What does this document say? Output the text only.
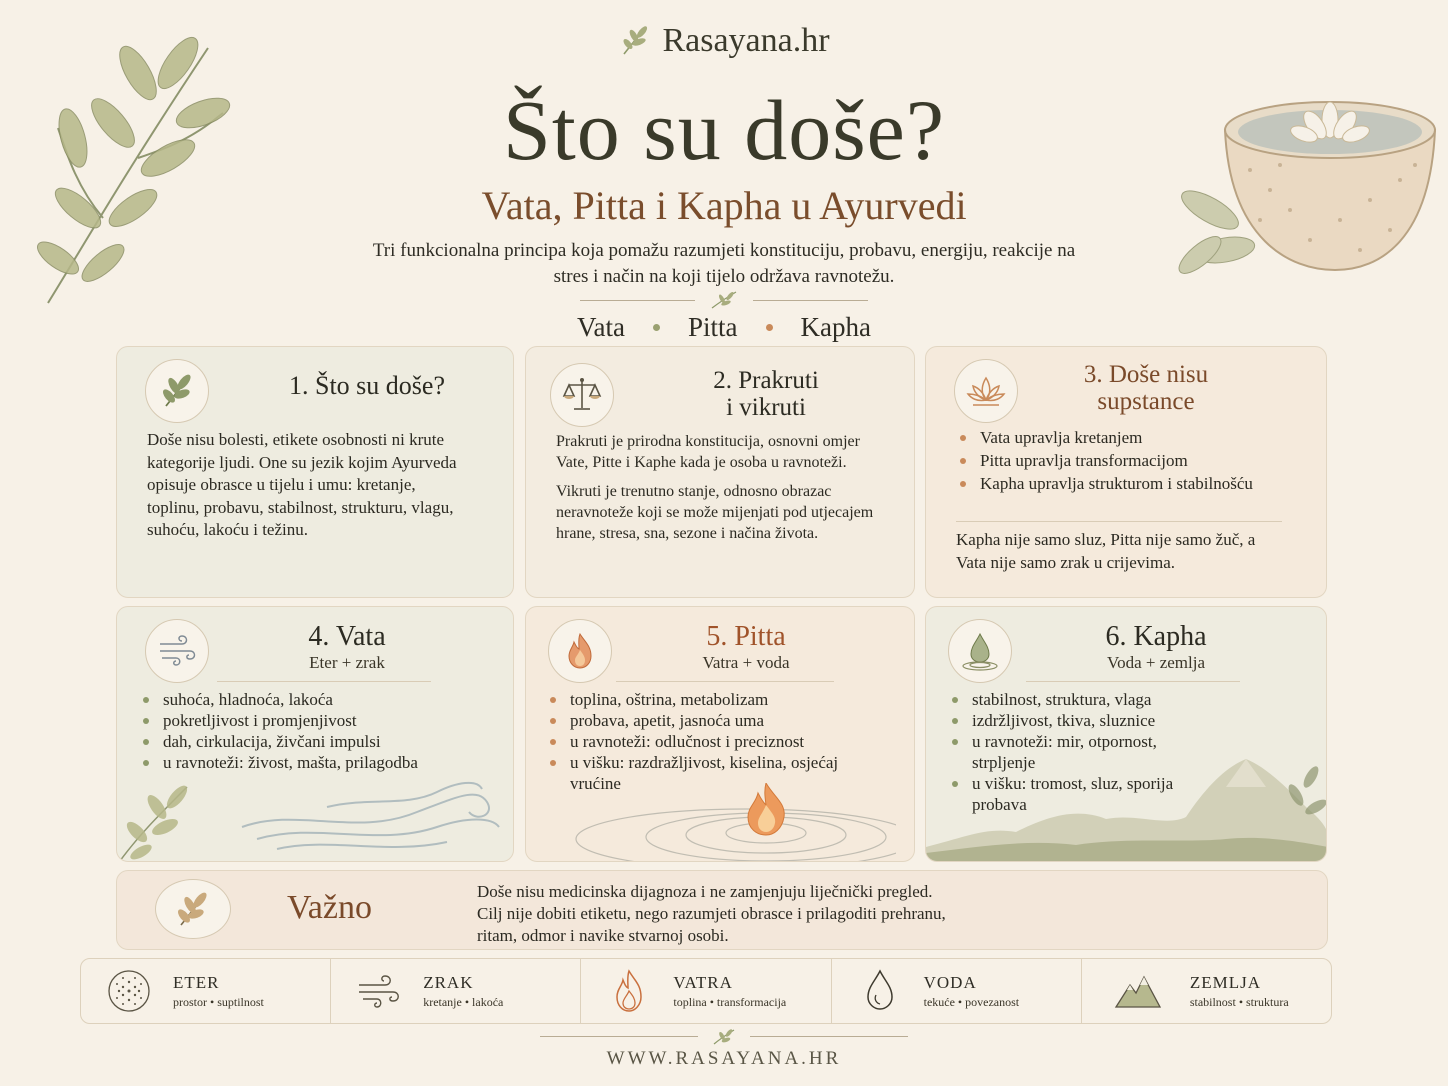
Rasayana.hr
Što su doše?
Vata, Pitta i Kapha u Ayurvedi
Tri funkcionalna principa koja pomažu razumjeti konstituciju, probavu, energiju, reakcije na stres i način na koji tijelo održava ravnotežu.
Vata Pitta Kapha
1. Što su doše?
Doše nisu bolesti, etikete osobnosti ni krute kategorije ljudi. One su jezik kojim Ayurveda opisuje obrasce u tijelu i umu: kretanje, toplinu, probavu, stabilnost, strukturu, vlagu, suhoću, lakoću i težinu.
2. Prakruti
i vikruti
Prakruti je prirodna konstitucija, osnovni omjer Vate, Pitte i Kaphe kada je osoba u ravnoteži.
Vikruti je trenutno stanje, odnosno obrazac neravnoteže koji se može mijenjati pod utjecajem hrane, stresa, sna, sezone i načina života.
3. Doše nisu
supstance
Vata upravlja kretanjem
Pitta upravlja transformacijom
Kapha upravlja strukturom i stabilnošću
Kapha nije samo sluz, Pitta nije samo žuč, a Vata nije samo zrak u crijevima.
4. Vata
Eter + zrak
suhoća, hladnoća, lakoća
pokretljivost i promjenjivost
dah, cirkulacija, živčani impulsi
u ravnoteži: živost, mašta, prilagodba
5. Pitta
Vatra + voda
toplina, oštrina, metabolizam
probava, apetit, jasnoća uma
u ravnoteži: odlučnost i preciznost
u višku: razdražljivost, kiselina, osjećaj vrućine
6. Kapha
Voda + zemlja
stabilnost, struktura, vlaga
izdržljivost, tkiva, sluznice
u ravnoteži: mir, otpornost, strpljenje
u višku: tromost, sluz, sporija probava
Važno	Doše nisu medicinska dijagnoza i ne zamjenjuju liječnički pregled.
Cilj nije dobiti etiketu, nego razumjeti obrasce i prilagoditi prehranu,
ritam, odmor i navike stvarnoj osobi.
ETER
prostor • suptilnost
ZRAK
kretanje • lakoća
VATRA
toplina • transformacija
VODA
tekuće • povezanost
ZEMLJA
stabilnost • struktura
WWW.RASAYANA.HR
